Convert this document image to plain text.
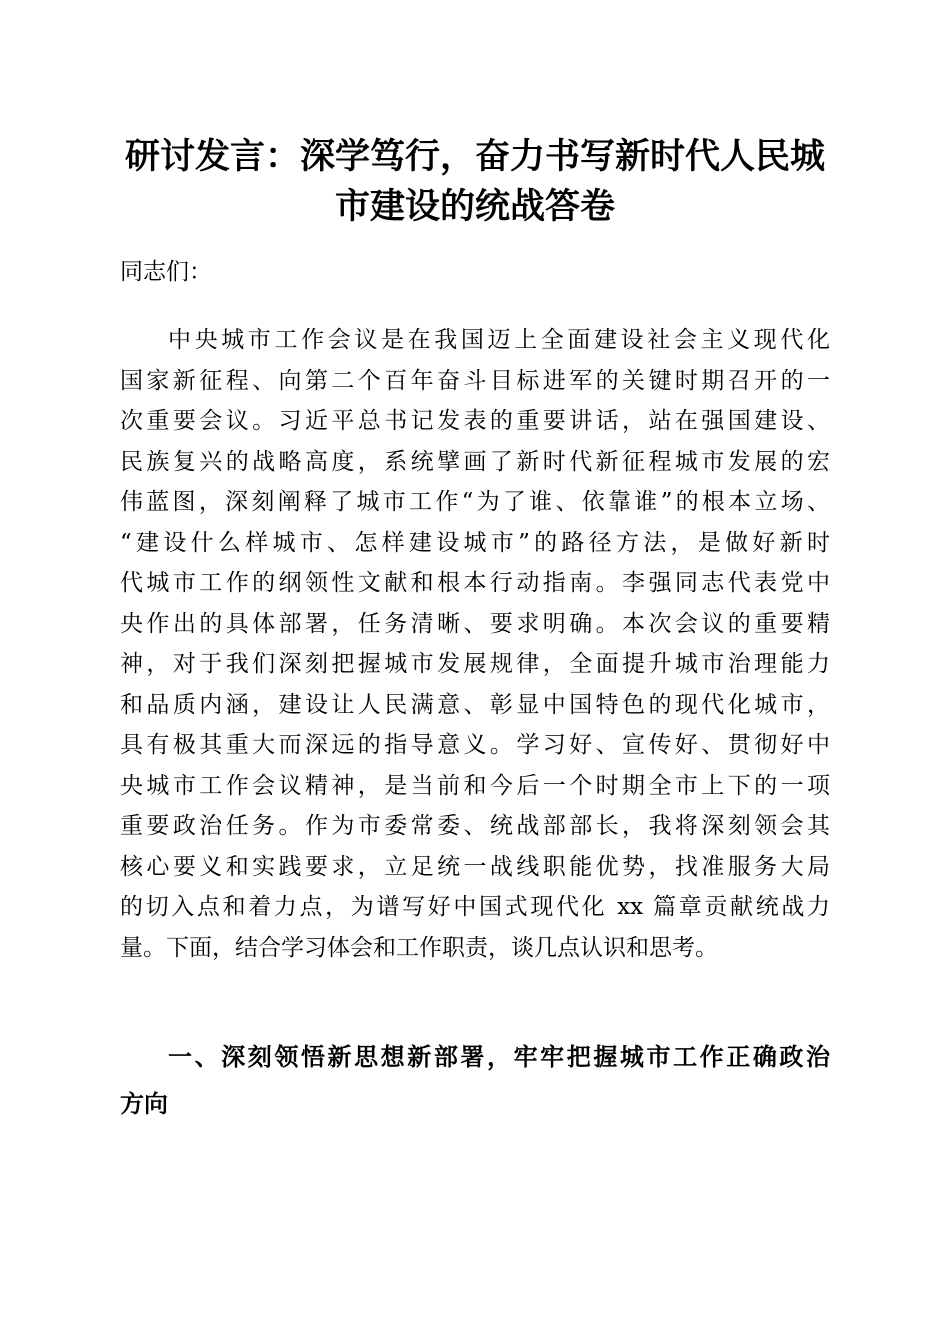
研讨发言：深学笃行，奋力书写新时代人民城
市建设的统战答卷
同志们：
中央城市工作会议是在我国迈上全面建设社会主义现代化
国家新征程、向第二个百年奋斗目标进军的关键时期召开的一
次重要会议。习近平总书记发表的重要讲话，站在强国建设、
民族复兴的战略高度，系统擘画了新时代新征程城市发展的宏
伟蓝图，深刻阐释了城市工作“为了谁、依靠谁”的根本立场、
“建设什么样城市、怎样建设城市”的路径方法，是做好新时
代城市工作的纲领性文献和根本行动指南。李强同志代表党中
央作出的具体部署，任务清晰、要求明确。本次会议的重要精
神，对于我们深刻把握城市发展规律，全面提升城市治理能力
和品质内涵，建设让人民满意、彰显中国特色的现代化城市，
具有极其重大而深远的指导意义。学习好、宣传好、贯彻好中
央城市工作会议精神，是当前和今后一个时期全市上下的一项
重要政治任务。作为市委常委、统战部部长，我将深刻领会其
核心要义和实践要求，立足统一战线职能优势，找准服务大局
的切入点和着力点，为谱写好中国式现代化 xx 篇章贡献统战力
量。下面，结合学习体会和工作职责，谈几点认识和思考。
一、深刻领悟新思想新部署，牢牢把握城市工作正确政治
方向
